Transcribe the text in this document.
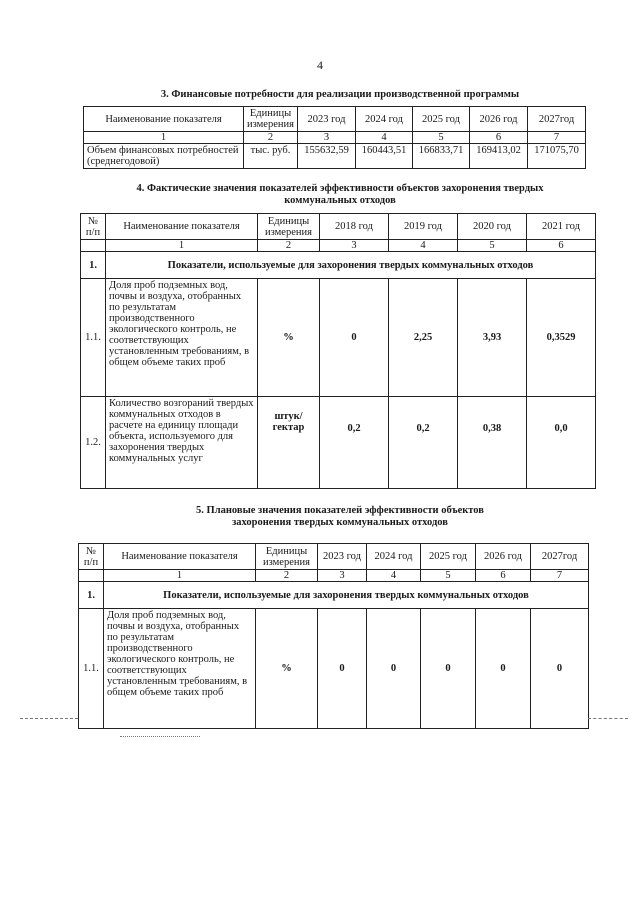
4
3. Финансовые потребности для реализации производственной программы
Наименование показателя	Единицы измерения	2023 год	2024 год	2025 год	2026 год	2027год
1	2	3	4	5	6	7
Объем финансовых потребностей (среднегодовой)	тыс. руб.	155632,59	160443,51	166833,71	169413,02	171075,70
4. Фактические значения показателей эффективности объектов захоронения твердых
коммунальных отходов
№ п/п	Наименование показателя	Единицы измерения	2018 год	2019 год	2020 год	2021 год
	1	2	3	4	5	6
1.	Показатели, используемые для захоронения твердых коммунальных отходов					
1.1.	Доля проб подземных вод, почвы и воздуха, отобранных по результатам производственного экологического контроль, не соответствующих установленным требованиям, в общем объеме таких проб	%	0	2,25	3,93	0,3529
1.2.	Количество возгораний твердых коммунальных отходов в расчете на единицу площади объекта, используемого для захоронения твердых коммунальных услуг	штук/ гектар	0,2	0,2	0,38	0,0
5. Плановые значения показателей эффективности объектов
захоронения твердых коммунальных отходов
№ п/п	Наименование показателя	Единицы измерения	2023 год	2024 год	2025 год	2026 год	2027год
	1	2	3	4	5	6	7
1.	Показатели, используемые для захоронения твердых коммунальных отходов						
1.1.	Доля проб подземных вод, почвы и воздуха, отобранных по результатам производственного экологического контроль, не соответствующих установленным требованиям, в общем объеме таких проб	%	0	0	0	0	0
